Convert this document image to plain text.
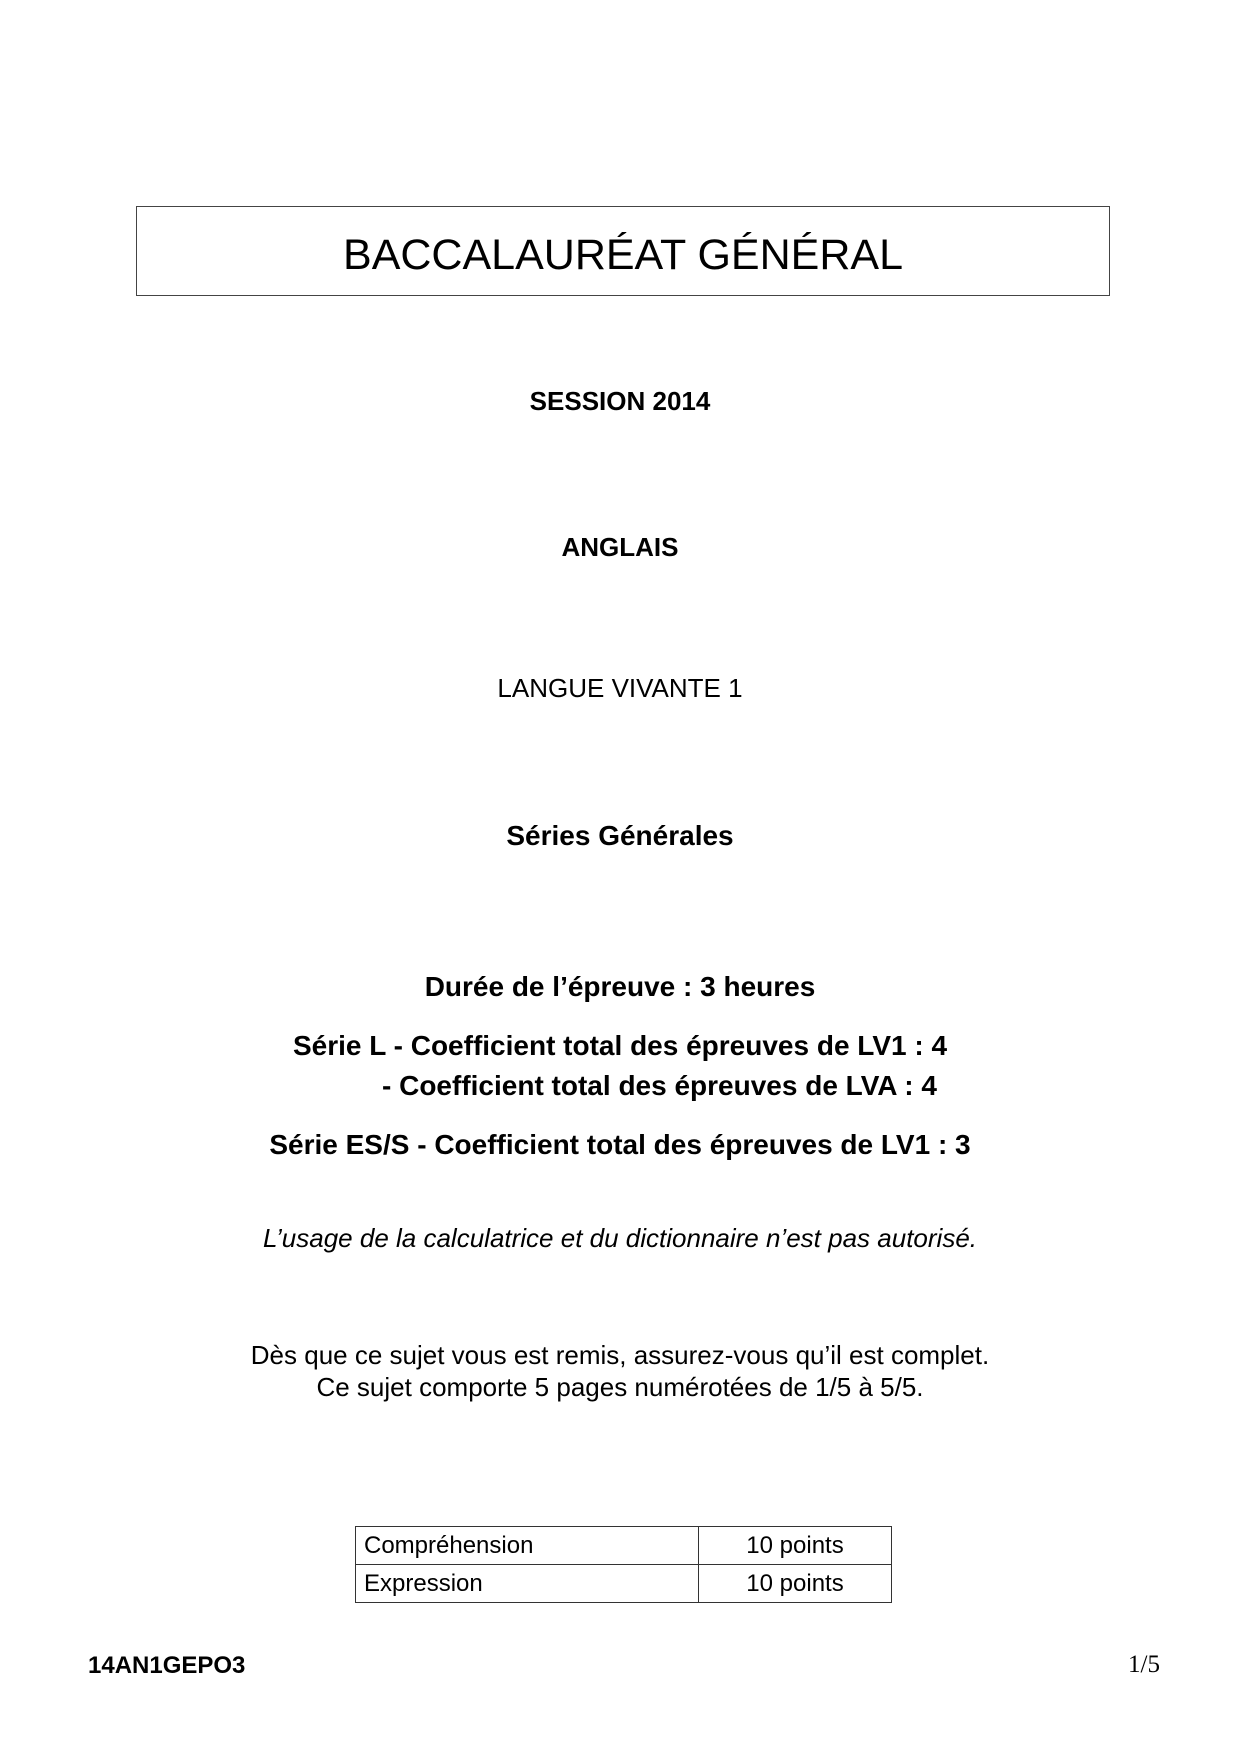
BACCALAURÉAT GÉNÉRAL
SESSION 2014
ANGLAIS
LANGUE VIVANTE 1
Séries Générales
Durée de l’épreuve : 3 heures
Série L - Coefficient total des épreuves de LV1 : 4
- Coefficient total des épreuves de LVA : 4
Série ES/S - Coefficient total des épreuves de LV1 : 3
L’usage de la calculatrice et du dictionnaire n’est pas autorisé.
Dès que ce sujet vous est remis, assurez-vous qu’il est complet.
Ce sujet comporte 5 pages numérotées de 1/5 à 5/5.
Compréhension	10 points
Expression	10 points
14AN1GEPO3	1/5
